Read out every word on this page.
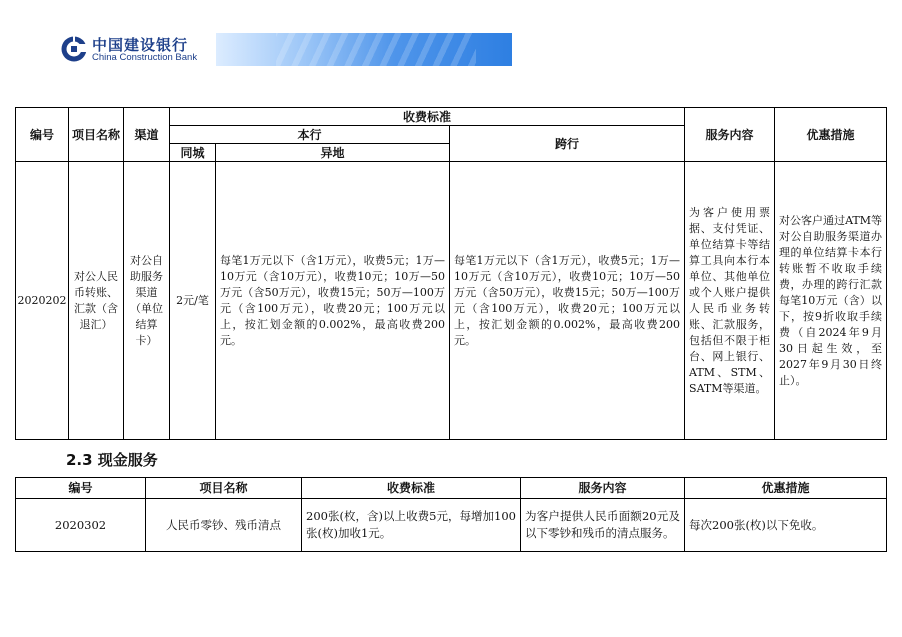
中国建设银行
China Construction Bank
编号	项目名称	渠道	收费标准			服务内容	优惠措施
			本行		跨行		
			同城	异地			
2020202	对公人民币转账、汇款（含退汇）	对公自助服务渠道（单位结算卡）	2元/笔	每笔1万元以下（含1万元），收费5元；1万—10万元（含10万元），收费10元；10万—50万元（含50万元），收费15元；50万—100万元（含100万元），收费20元；100万元以上，按汇划金额的0.002%，最高收费200元。	每笔1万元以下（含1万元），收费5元；1万—10万元（含10万元），收费10元；10万—50万元（含50万元），收费15元；50万—100万元（含100万元），收费20元；100万元以上，按汇划金额的0.002%，最高收费200元。	为客户使用票据、支付凭证、单位结算卡等结算工具向本行本单位、其他单位或个人账户提供人民币业务转账、汇款服务，包括但不限于柜台、网上银行、ATM、STM、SATM等渠道。	对公客户通过ATM等对公自助服务渠道办理的单位结算卡本行转账暂不收取手续费，办理的跨行汇款每笔10万元（含）以下，按9折收取手续费（自2024年9月30日起生效，至2027年9月30日终止）。
2.3 现金服务
编号	项目名称	收费标准	服务内容	优惠措施
2020302	人民币零钞、残币清点	200张(枚，含)以上收费5元，每增加100张(枚)加收1元。	为客户提供人民币面额20元及以下零钞和残币的清点服务。	每次200张(枚)以下免收。
